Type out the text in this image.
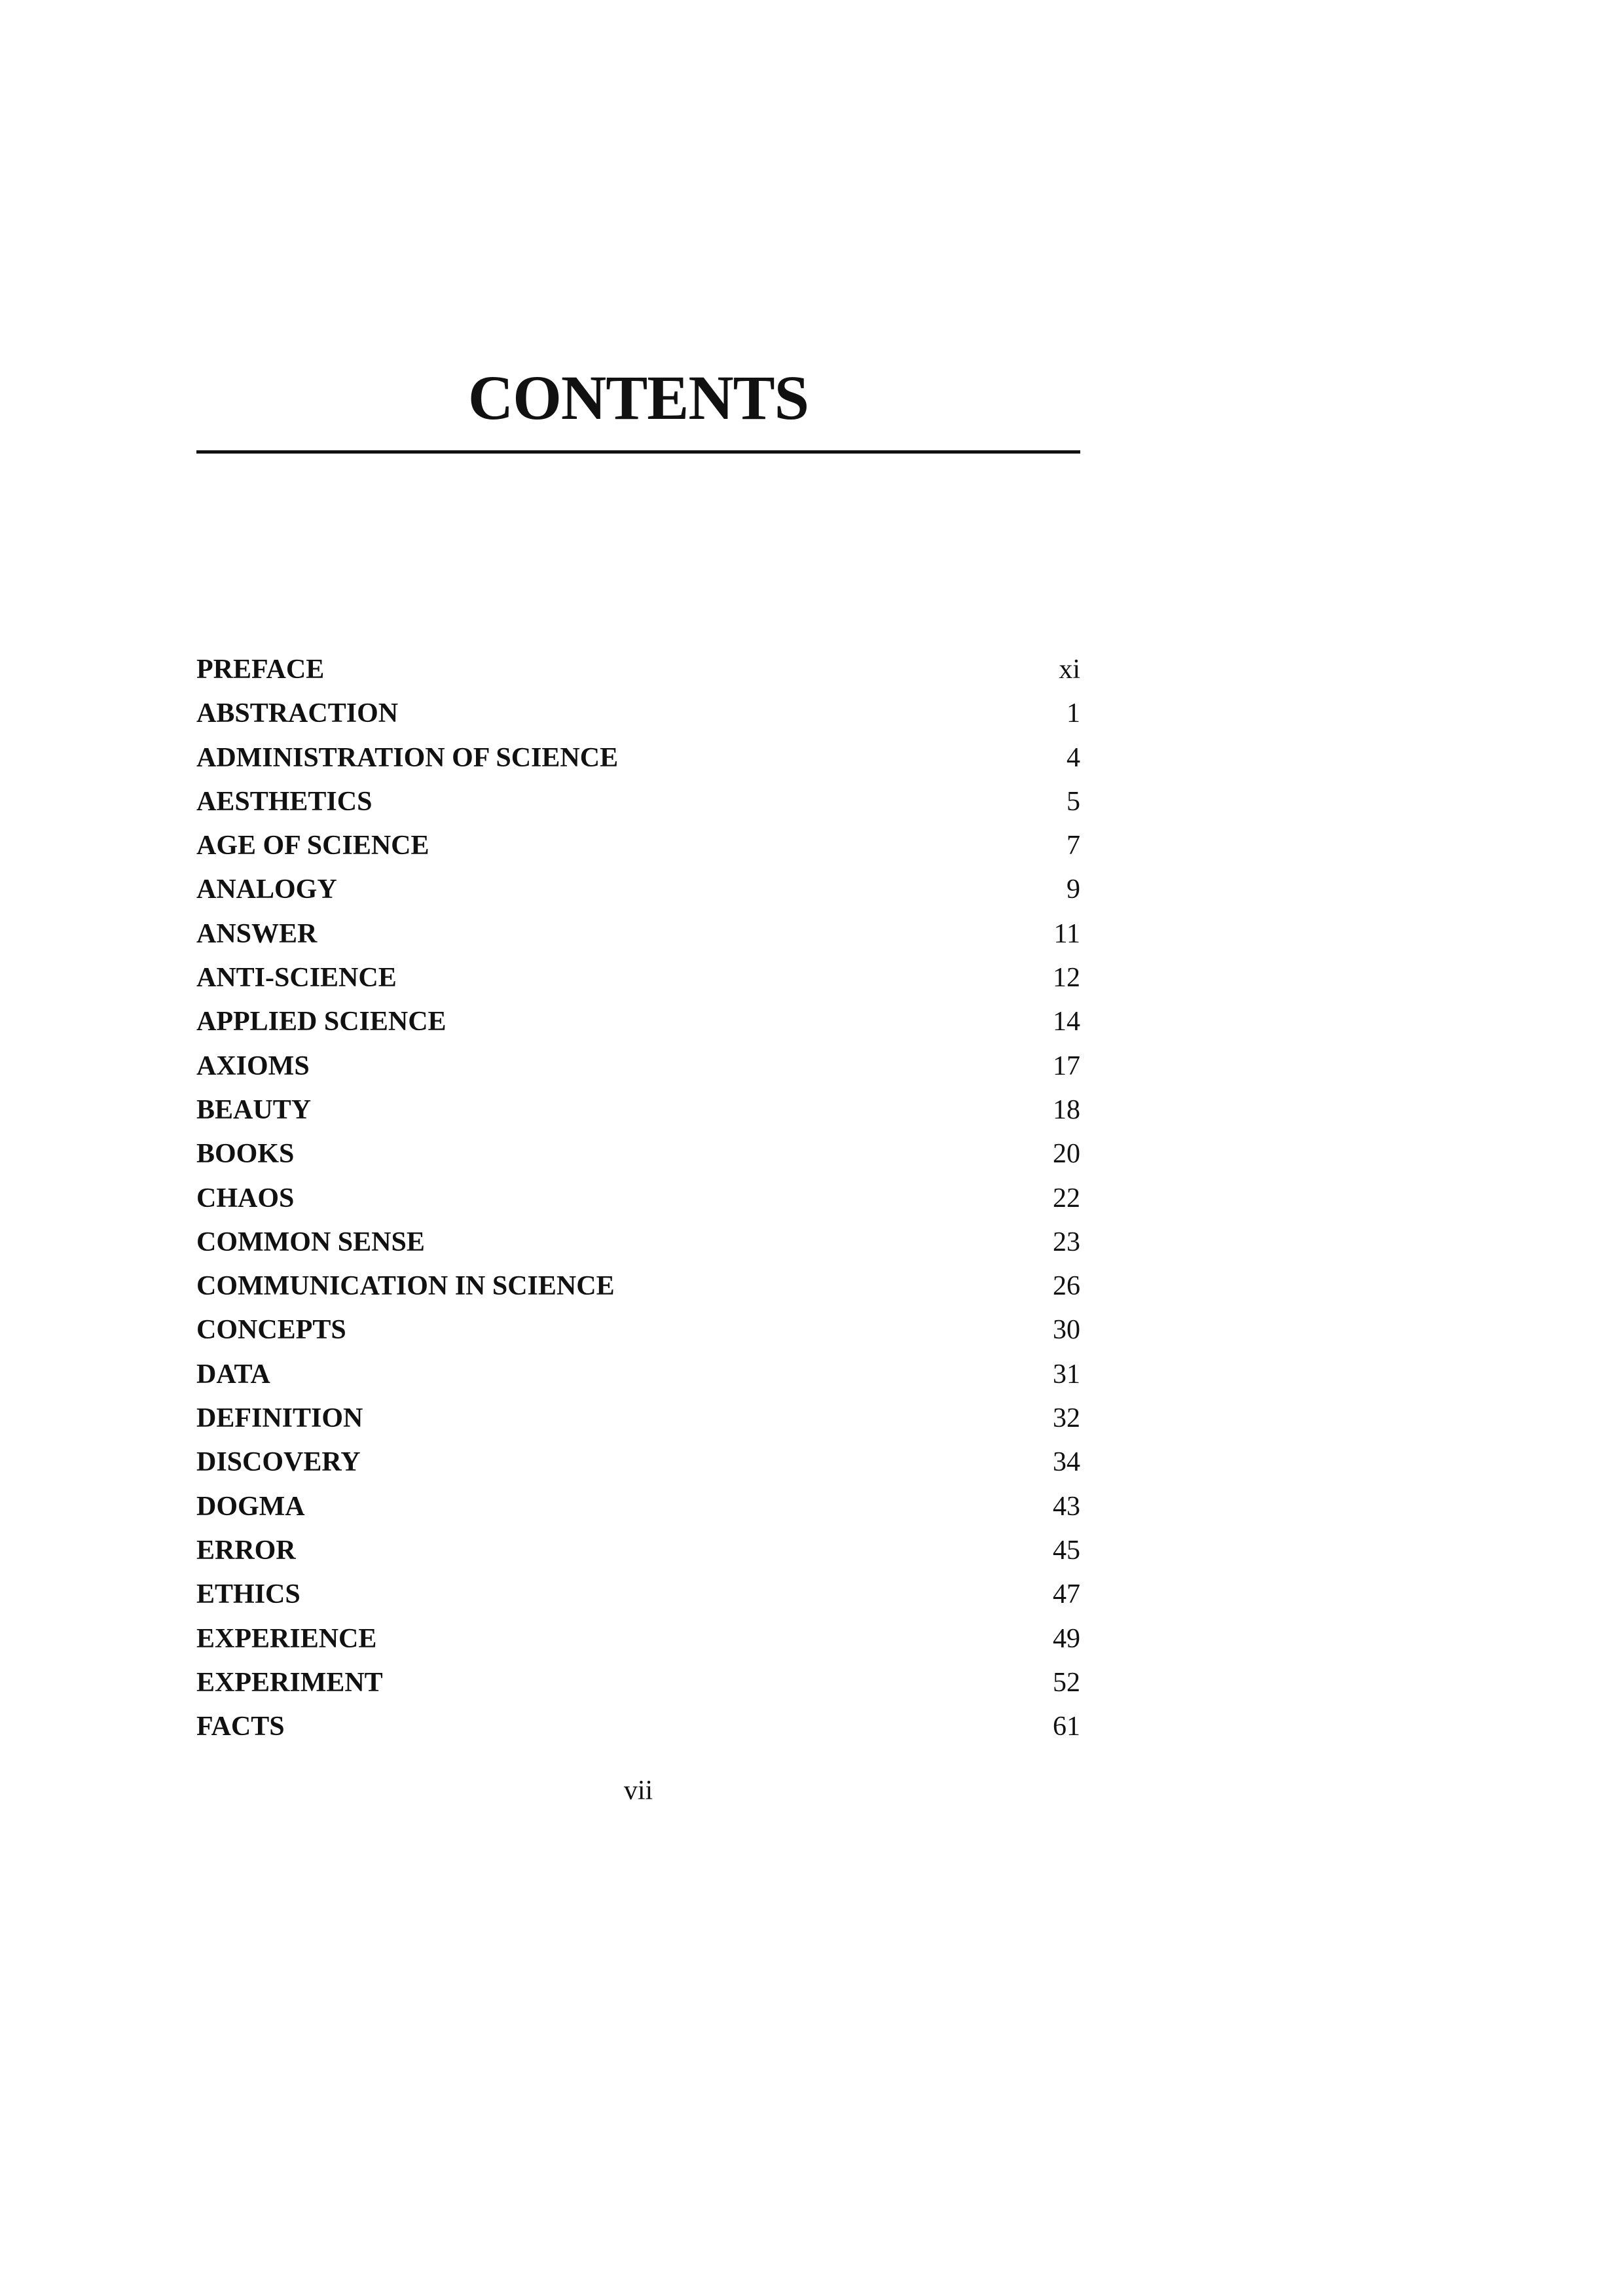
CONTENTS
PREFACE	xi
ABSTRACTION	1
ADMINISTRATION OF SCIENCE	4
AESTHETICS	5
AGE OF SCIENCE	7
ANALOGY	9
ANSWER	11
ANTI-SCIENCE	12
APPLIED SCIENCE	14
AXIOMS	17
BEAUTY	18
BOOKS	20
CHAOS	22
COMMON SENSE	23
COMMUNICATION IN SCIENCE	26
CONCEPTS	30
DATA	31
DEFINITION	32
DISCOVERY	34
DOGMA	43
ERROR	45
ETHICS	47
EXPERIENCE	49
EXPERIMENT	52
FACTS	61
vii
